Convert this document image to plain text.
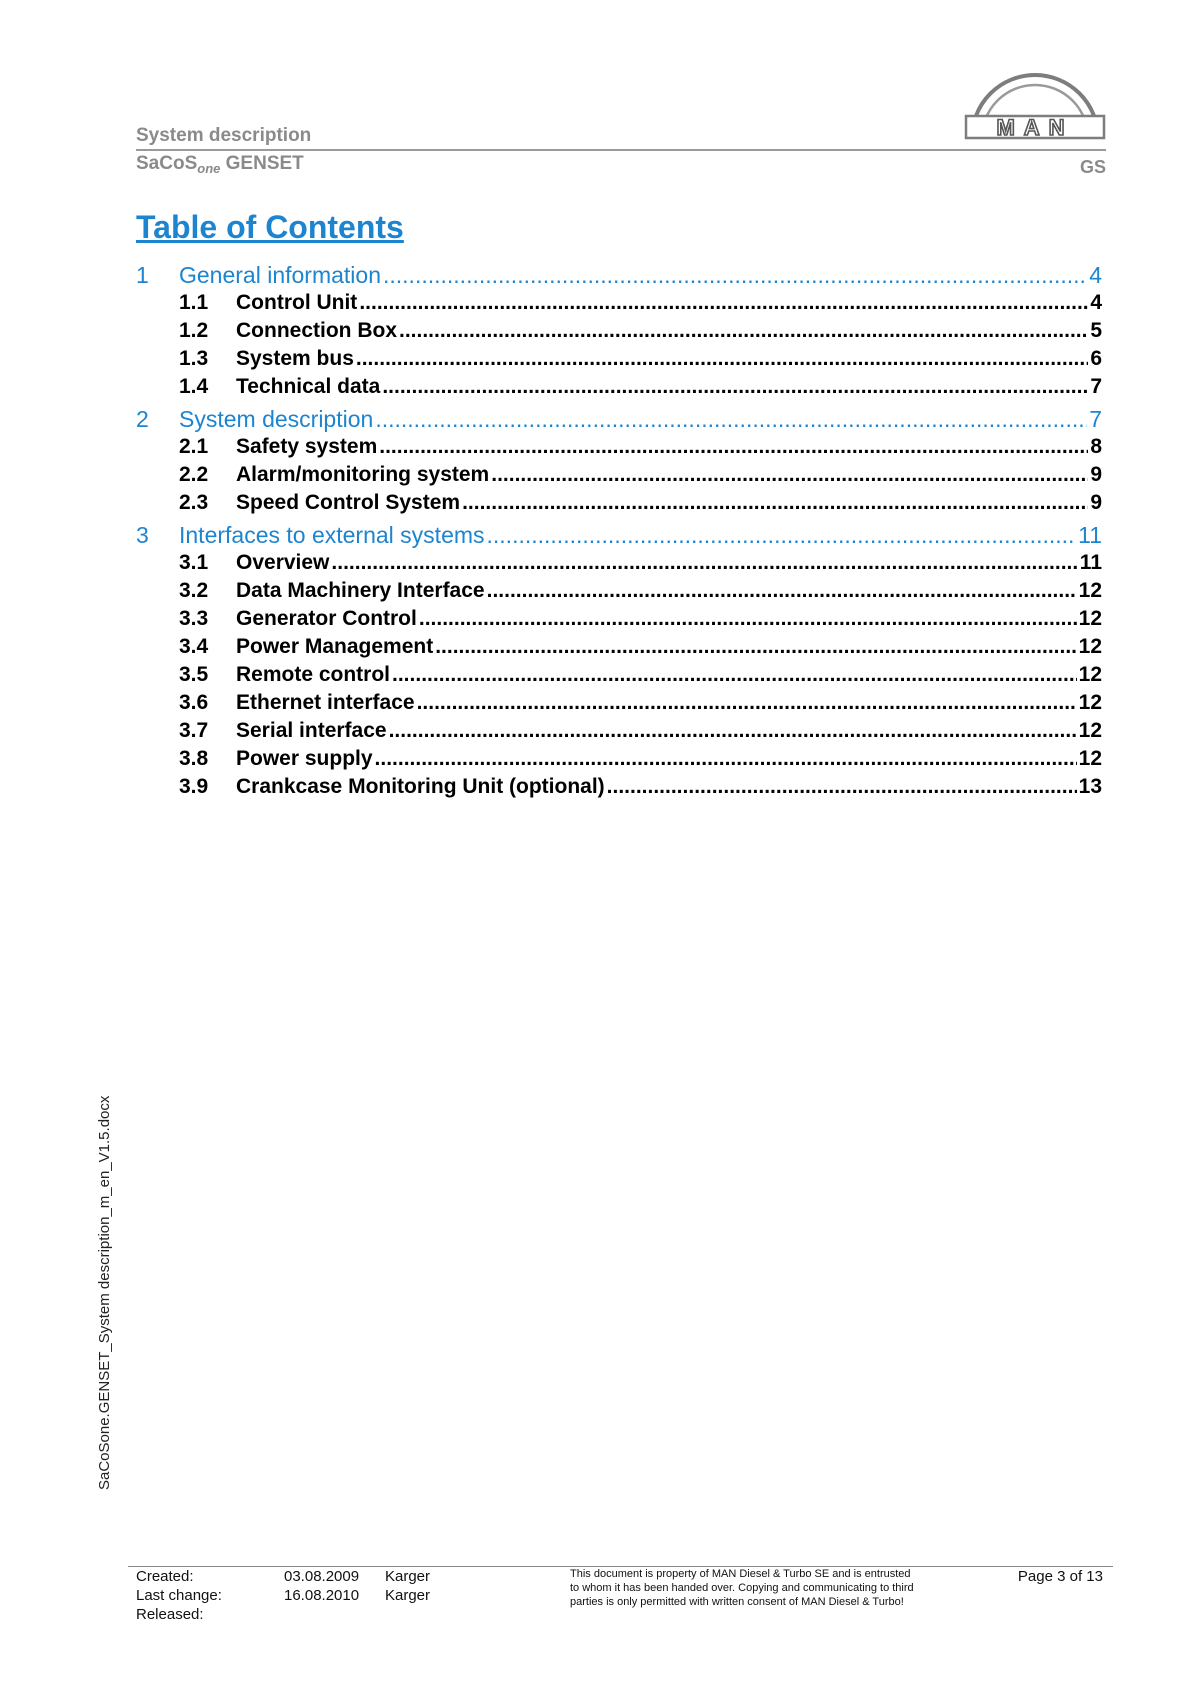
System description
SaCoS$_{one}$ GENSET	GS
MAN
Table of Contents
1	General information .....	4
1.1	Control Unit .....	4
1.2	Connection Box .....	5
1.3	System bus .....	6
1.4	Technical data .....	7
2	System description .....	7
2.1	Safety system .....	8
2.2	Alarm/monitoring system .....	9
2.3	Speed Control System .....	9
3	Interfaces to external systems .....	11
3.1	Overview .....	11
3.2	Data Machinery Interface .....	12
3.3	Generator Control .....	12
3.4	Power Management .....	12
3.5	Remote control .....	12
3.6	Ethernet interface .....	12
3.7	Serial interface .....	12
3.8	Power supply .....	12
3.9	Crankcase Monitoring Unit (optional) .....	13
SaCoSone.GENSET_System description_m_en_V1.5.docx
Created:	03.08.2009 Karger
Last change:	16.08.2010 Karger
Released:
This document is property of MAN Diesel & Turbo SE and is entrusted
to whom it has been handed over. Copying and communicating to third
parties is only permitted with written consent of MAN Diesel & Turbo!
Page 3 of 13
